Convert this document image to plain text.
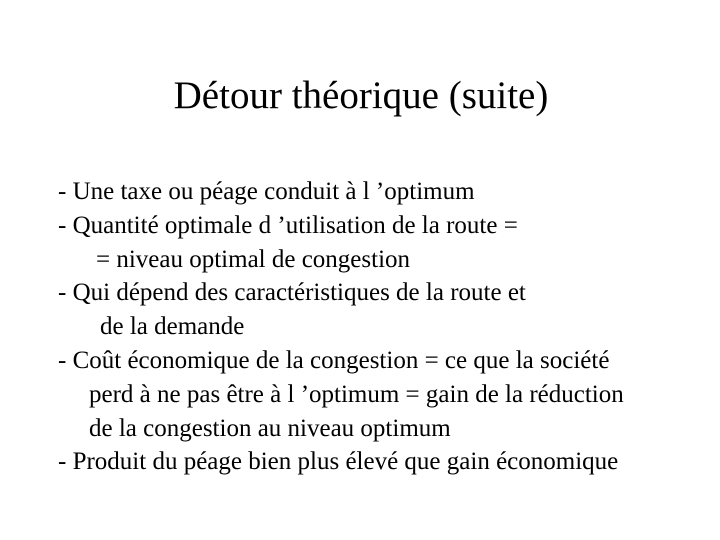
Détour théorique (suite)
- Une taxe ou péage conduit à l ’optimum
- Quantité optimale d ’utilisation de la route =
= niveau optimal de congestion
- Qui dépend des caractéristiques de la route et
de la demande
- Coût économique de la congestion = ce que la société
perd à ne pas être à l ’optimum = gain de la réduction
de la congestion au niveau optimum
- Produit du péage bien plus élevé que gain économique
